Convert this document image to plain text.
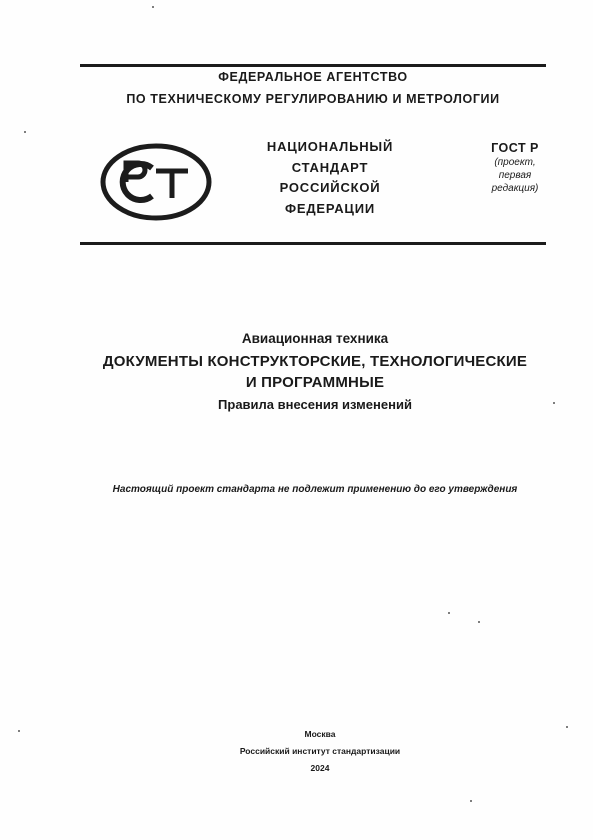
ФЕДЕРАЛЬНОЕ АГЕНТСТВО
ПО ТЕХНИЧЕСКОМУ РЕГУЛИРОВАНИЮ И МЕТРОЛОГИИ
НАЦИОНАЛЬНЫЙ
СТАНДАРТ
РОССИЙСКОЙ
ФЕДЕРАЦИИ
ГОСТ Р
(проект,
первая
редакция)
Авиационная техника
ДОКУМЕНТЫ КОНСТРУКТОРСКИЕ, ТЕХНОЛОГИЧЕСКИЕ
И ПРОГРАММНЫЕ
Правила внесения изменений
Настоящий проект стандарта не подлежит применению до его утверждения
Москва
Российский институт стандартизации
2024
